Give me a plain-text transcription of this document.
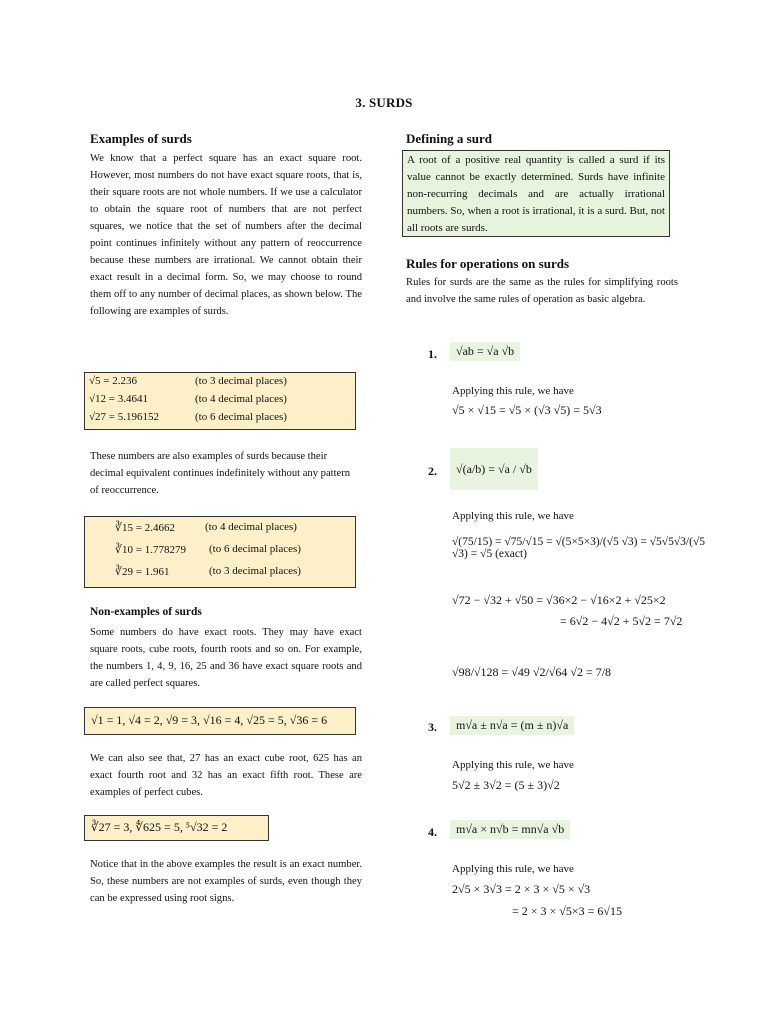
3. SURDS
Examples of surds
We know that a perfect square has an exact square root. However, most numbers do not have exact square roots, that is, their square roots are not whole numbers. If we use a calculator to obtain the square root of numbers that are not perfect squares, we notice that the set of numbers after the decimal point continues infinitely without any pattern of reoccurrence because these numbers are irrational. We cannot obtain their exact result in a decimal form. So, we may choose to round them off to any number of decimal places, as shown below. The following are examples of surds.
√5 = 2.236	(to 3 decimal places)
√12 = 3.4641	(to 4 decimal places)
√27 = 5.196152	(to 6 decimal places)
These numbers are also examples of surds because their decimal equivalent continues indefinitely without any pattern of reoccurrence.
∛15 = 2.4662	(to 4 decimal places)
∛10 = 1.778279	(to 6 decimal places)
∛29 = 1.961	(to 3 decimal places)
Non-examples of surds
Some numbers do have exact roots. They may have exact square roots, cube roots, fourth roots and so on. For example, the numbers 1, 4, 9, 16, 25 and 36 have exact square roots and are called perfect squares.
√1 = 1, √4 = 2, √9 = 3, √16 = 4, √25 = 5, √36 = 6
We can also see that, 27 has an exact cube root, 625 has an exact fourth root and 32 has an exact fifth root. These are examples of perfect cubes.
∛27 = 3, ∜625 = 5, ⁵√32 = 2
Notice that in the above examples the result is an exact number. So, these numbers are not examples of surds, even though they can be expressed using root signs.
Defining a surd
A root of a positive real quantity is called a surd if its value cannot be exactly determined. Surds have infinite non-recurring decimals and are actually irrational numbers. So, when a root is irrational, it is a surd. But, not all roots are surds.
Rules for operations on surds
Rules for surds are the same as the rules for simplifying roots and involve the same rules of operation as basic algebra.
1.	√ab = √a √b
Applying this rule, we have
√5 × √15 = √5 × (√3 √5) = 5√3
2.	√(a/b) = √a / √b
Applying this rule, we have
√(75/15) = √75/√15 = √(5×5×3)/(√5 √3) = √5√5√3/(√5 √3) = √5 (exact)
√72 − √32 + √50 = √36×2 − √16×2 + √25×2
= 6√2 − 4√2 + 5√2 = 7√2
√98/√128 = √49 √2/√64 √2 = 7/8
3.	m√a ± n√a = (m ± n)√a
Applying this rule, we have
5√2 ± 3√2 = (5 ± 3)√2
4.	m√a × n√b = mn√a √b
Applying this rule, we have
2√5 × 3√3 = 2 × 3 × √5 × √3
= 2 × 3 × √5×3 = 6√15
